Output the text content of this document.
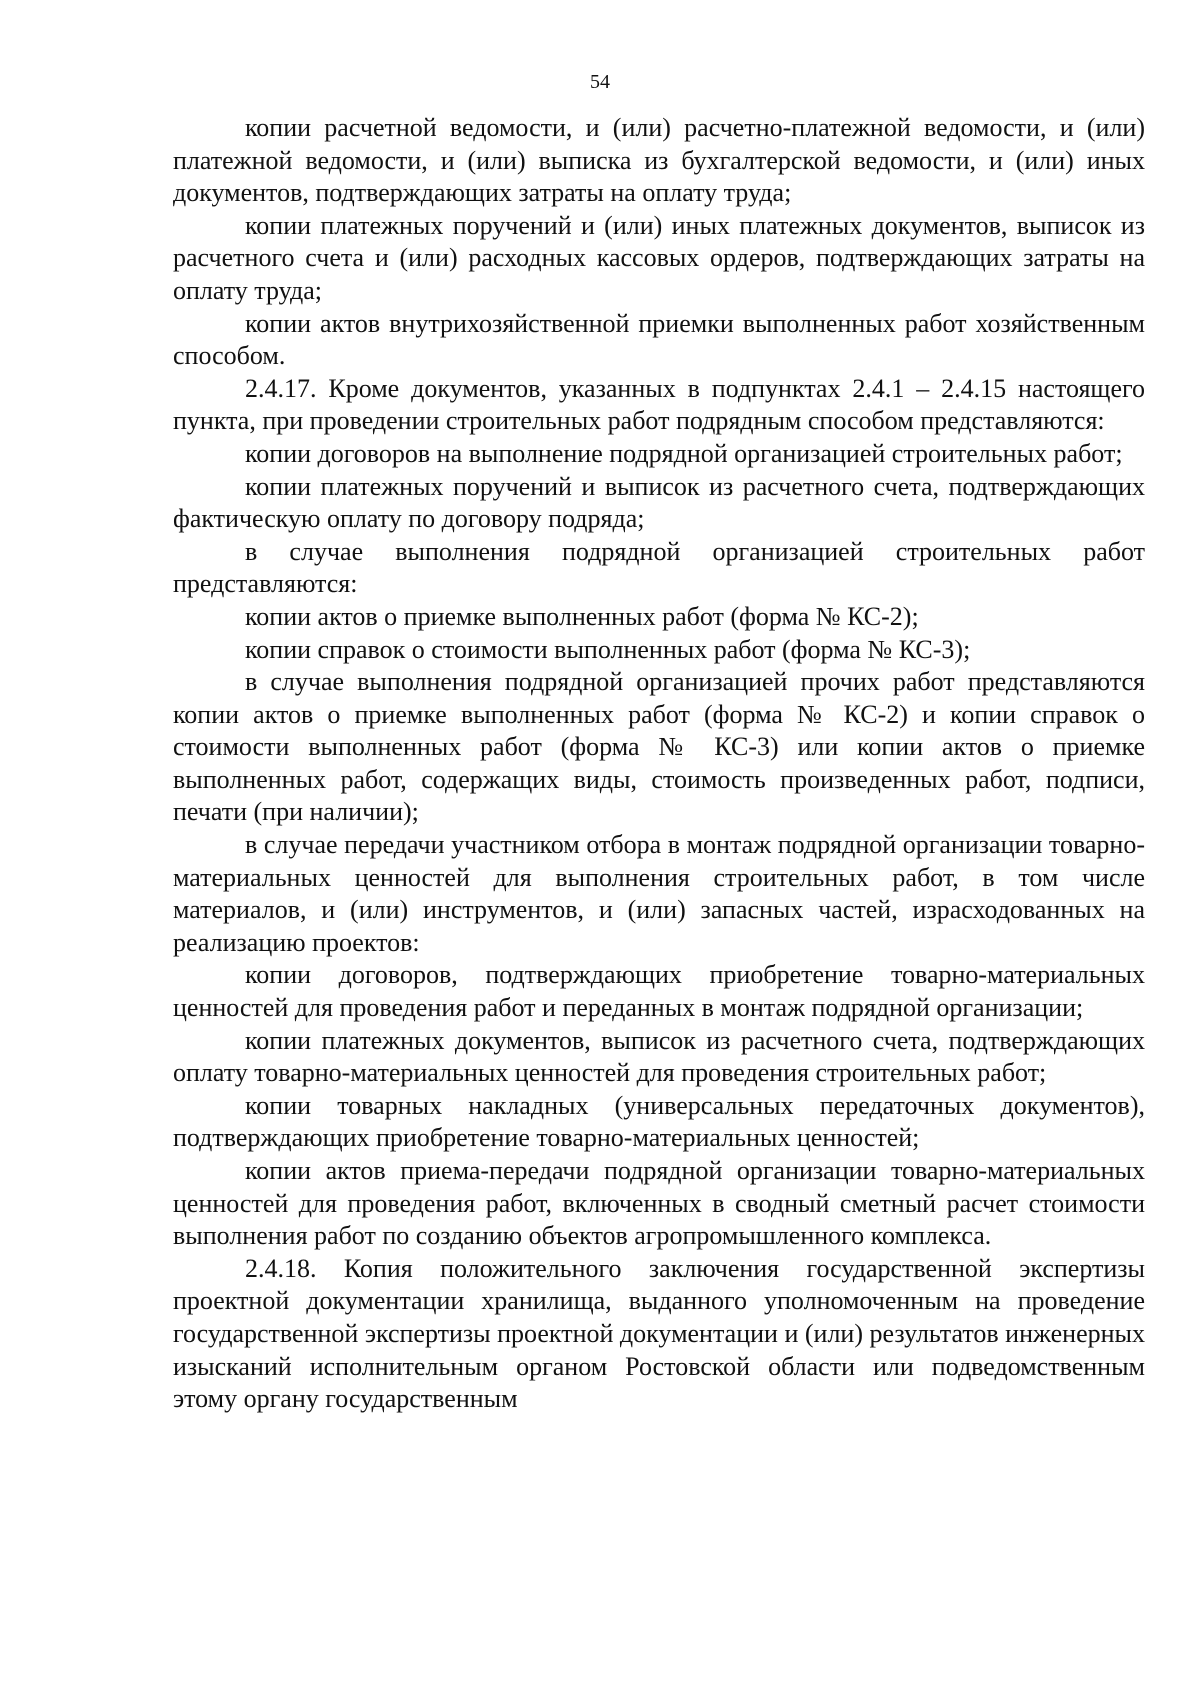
54

копии расчетной ведомости, и (или) расчетно-платежной ведомости, и (или) платежной ведомости, и (или) выписка из бухгалтерской ведомости, и (или) иных документов, подтверждающих затраты на оплату труда;

копии платежных поручений и (или) иных платежных документов, выписок из расчетного счета и (или) расходных кассовых ордеров, подтверждающих затраты на оплату труда;

копии актов внутрихозяйственной приемки выполненных работ хозяйственным способом.

2.4.17. Кроме документов, указанных в подпунктах 2.4.1 – 2.4.15 настоящего пункта, при проведении строительных работ подрядным способом представляются:

копии договоров на выполнение подрядной организацией строительных работ;

копии платежных поручений и выписок из расчетного счета, подтверждающих фактическую оплату по договору подряда;

в случае выполнения подрядной организацией строительных работ представляются:

копии актов о приемке выполненных работ (форма № КС-2);

копии справок о стоимости выполненных работ (форма № КС-3);

в случае выполнения подрядной организацией прочих работ представляются копии актов о приемке выполненных работ (форма № КС-2) и копии справок о стоимости выполненных работ (форма № КС-3) или копии актов о приемке выполненных работ, содержащих виды, стоимость произведенных работ, подписи, печати (при наличии);

в случае передачи участником отбора в монтаж подрядной организации товарно-материальных ценностей для выполнения строительных работ, в том числе материалов, и (или) инструментов, и (или) запасных частей, израсходованных на реализацию проектов:

копии договоров, подтверждающих приобретение товарно-материальных ценностей для проведения работ и переданных в монтаж подрядной организации;

копии платежных документов, выписок из расчетного счета, подтверждающих оплату товарно-материальных ценностей для проведения строительных работ;

копии товарных накладных (универсальных передаточных документов), подтверждающих приобретение товарно-материальных ценностей;

копии актов приема-передачи подрядной организации товарно-материальных ценностей для проведения работ, включенных в сводный сметный расчет стоимости выполнения работ по созданию объектов агропромышленного комплекса.

2.4.18. Копия положительного заключения государственной экспертизы проектной документации хранилища, выданного уполномоченным на проведение государственной экспертизы проектной документации и (или) результатов инженерных изысканий исполнительным органом Ростовской области или подведомственным этому органу государственным
